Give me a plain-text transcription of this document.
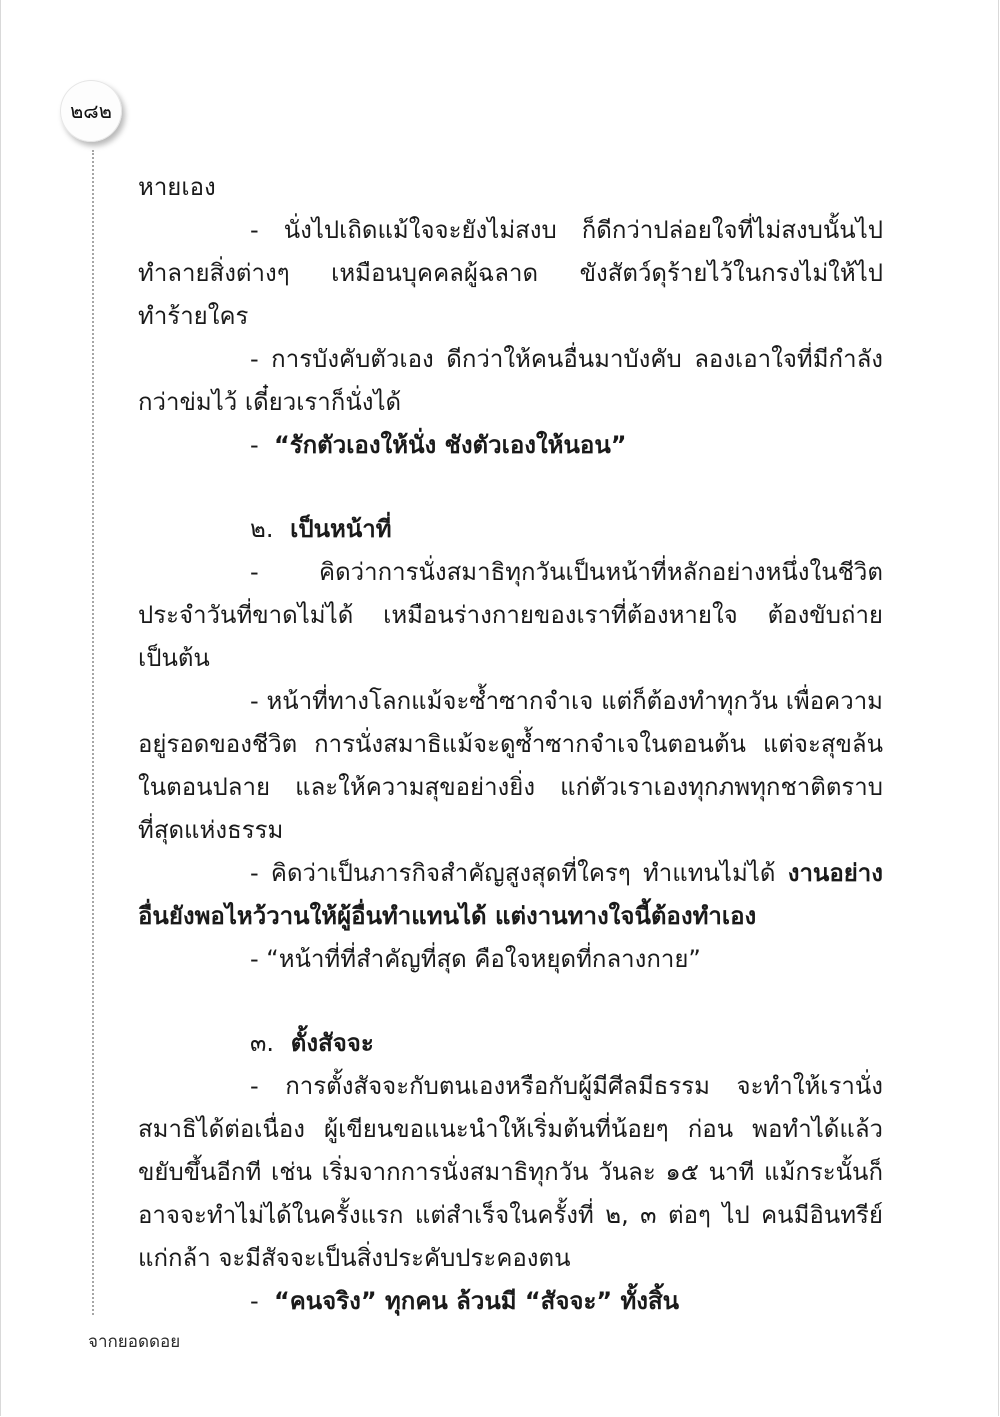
๒๘๒

หายเอง

- นั่งไปเถิดแม้ใจจะยังไม่สงบ ก็ดีกว่าปล่อยใจที่ไม่สงบนั้นไปทำลายสิ่งต่างๆ เหมือนบุคคลผู้ฉลาด ขังสัตว์ดุร้ายไว้ในกรงไม่ให้ไปทำร้ายใคร

- การบังคับตัวเอง ดีกว่าให้คนอื่นมาบังคับ ลองเอาใจที่มีกำลังกว่าข่มไว้ เดี๋ยวเราก็นั่งได้

- “รักตัวเองให้นั่ง ชังตัวเองให้นอน”

๒. เป็นหน้าที่

- คิดว่าการนั่งสมาธิทุกวันเป็นหน้าที่หลักอย่างหนึ่งในชีวิตประจำวันที่ขาดไม่ได้ เหมือนร่างกายของเราที่ต้องหายใจ ต้องขับถ่าย เป็นต้น

- หน้าที่ทางโลกแม้จะซ้ำซากจำเจ แต่ก็ต้องทำทุกวัน เพื่อความอยู่รอดของชีวิต การนั่งสมาธิแม้จะดูซ้ำซากจำเจในตอนต้น แต่จะสุขล้นในตอนปลาย และให้ความสุขอย่างยิ่ง แก่ตัวเราเองทุกภพทุกชาติตราบที่สุดแห่งธรรม

- คิดว่าเป็นภารกิจสำคัญสูงสุดที่ใครๆ ทำแทนไม่ได้ งานอย่างอื่นยังพอไหว้วานให้ผู้อื่นทำแทนได้ แต่งานทางใจนี้ต้องทำเอง

- “หน้าที่ที่สำคัญที่สุด คือใจหยุดที่กลางกาย”

๓. ตั้งสัจจะ

- การตั้งสัจจะกับตนเองหรือกับผู้มีศีลมีธรรม จะทำให้เรานั่งสมาธิได้ต่อเนื่อง ผู้เขียนขอแนะนำให้เริ่มต้นที่น้อยๆ ก่อน พอทำได้แล้วขยับขึ้นอีกที เช่น เริ่มจากการนั่งสมาธิทุกวัน วันละ ๑๕ นาที แม้กระนั้นก็อาจจะทำไม่ได้ในครั้งแรก แต่สำเร็จในครั้งที่ ๒, ๓ ต่อๆ ไป คนมีอินทรีย์แก่กล้า จะมีสัจจะเป็นสิ่งประคับประคองตน

- “คนจริง” ทุกคน ล้วนมี “สัจจะ” ทั้งสิ้น

จากยอดดอย
